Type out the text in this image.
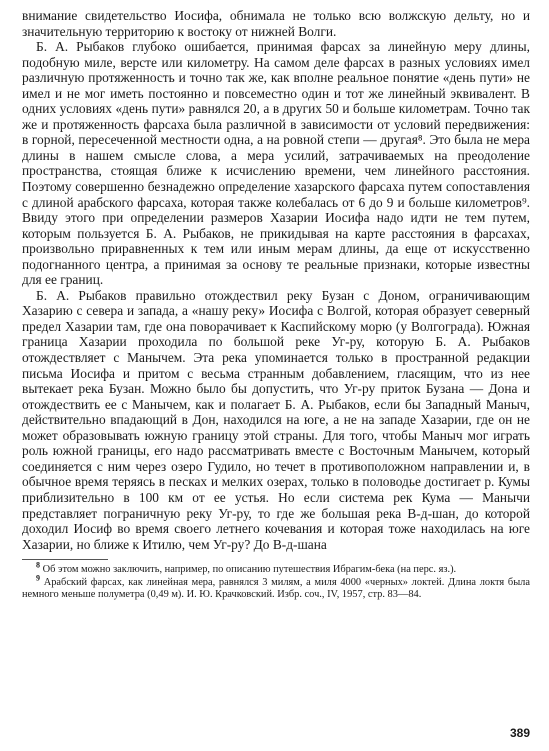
внимание свидетельство Иосифа, обнимала не только всю волжскую дельту, но и значительную территорию к востоку от нижней Волги.

Б. А. Рыбаков глубоко ошибается, принимая фарсах за линейную меру длины, подобную миле, версте или километру. На самом деле фарсах в разных условиях имел различную протяженность и точно так же, как вполне реальное понятие «день пути» не имел и не мог иметь постоянно и повсеместно один и тот же линейный эквивалент. В одних условиях «день пути» равнялся 20, а в других 50 и больше километрам. Точно так же и протяженность фарсаха была различной в зависимости от условий передвижения: в горной, пересеченной местности одна, а на ровной степи — другая⁸. Это была не мера длины в нашем смысле слова, а мера усилий, затрачиваемых на преодоление пространства, стоящая ближе к исчислению времени, чем линейного расстояния. Поэтому совершенно безнадежно определение хазарского фарсаха путем сопоставления с длиной арабского фарсаха, которая также колебалась от 6 до 9 и больше километров⁹. Ввиду этого при определении размеров Хазарии Иосифа надо идти не тем путем, которым пользуется Б. А. Рыбаков, не прикидывая на карте расстояния в фарсахах, произвольно приравненных к тем или иным мерам длины, да еще от искусственно подогнанного центра, а принимая за основу те реальные признаки, которые известны для ее границ.

Б. А. Рыбаков правильно отождествил реку Бузан с Доном, ограничивающим Хазарию с севера и запада, а «нашу реку» Иосифа с Волгой, которая образует северный предел Хазарии там, где она поворачивает к Каспийскому морю (у Волгограда). Южная граница Хазарии проходила по большой реке Уг-ру, которую Б. А. Рыбаков отождествляет с Манычем. Эта река упоминается только в пространной редакции письма Иосифа и притом с весьма странным добавлением, гласящим, что из нее вытекает река Бузан. Можно было бы допустить, что Уг-ру приток Бузана — Дона и отождествить ее с Манычем, как и полагает Б. А. Рыбаков, если бы Западный Маныч, действительно впадающий в Дон, находился на юге, а не на западе Хазарии, где он не может образовывать южную границу этой страны. Для того, чтобы Маныч мог играть роль южной границы, его надо рассматривать вместе с Восточным Манычем, который соединяется с ним через озеро Гудило, но течет в противоположном направлении и, в обычное время теряясь в песках и мелких озерах, только в половодье достигает р. Кумы приблизительно в 100 км от ее устья. Но если система рек Кума — Манычи представляет пограничную реку Уг-ру, то где же большая река В-д-шан, до которой доходил Иосиф во время своего летнего кочевания и которая тоже находилась на юге Хазарии, но ближе к Итилю, чем Уг-ру? До В-д-шана

$^8$ Об этом можно заключить, например, по описанию путешествия Ибрагим-бека (на перс. яз.).

$^9$ Арабский фарсах, как линейная мера, равнялся 3 милям, а миля 4000 «черных» локтей. Длина локтя была немного меньше полуметра (0,49 м). И. Ю. Крачковский. Избр. соч., IV, 1957, стр. 83—84.

389
